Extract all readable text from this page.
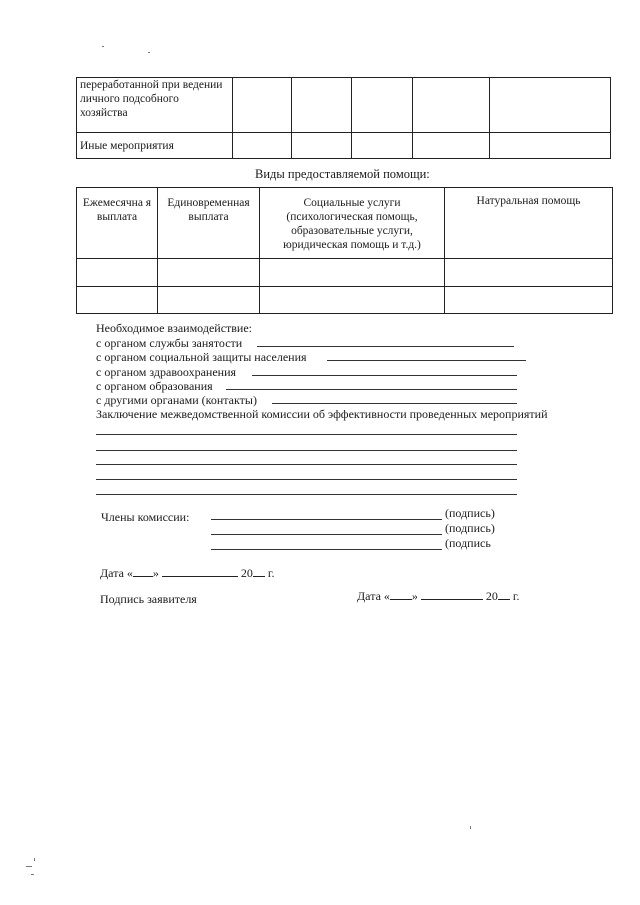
переработанной при ведении личного подсобного хозяйства					
Иные мероприятия					
Виды предоставляемой помощи:
Ежемесячна я выплата	Единовременная выплата	Социальные услуги (психологическая помощь, образовательные услуги, юридическая помощь и т.д.)	Натуральная помощь

Необходимое взаимодействие:
с органом службы занятости
с органом социальной защиты населения
с органом здравоохранения
с органом образования
с другими органами (контакты)
Заключение межведомственной комиссии об эффективности проведенных мероприятий
Члены комиссии:	(подпись)
(подпись)
(подпись
Дата « »	20 г.
Подпись заявителя	Дата « »	20 г.
